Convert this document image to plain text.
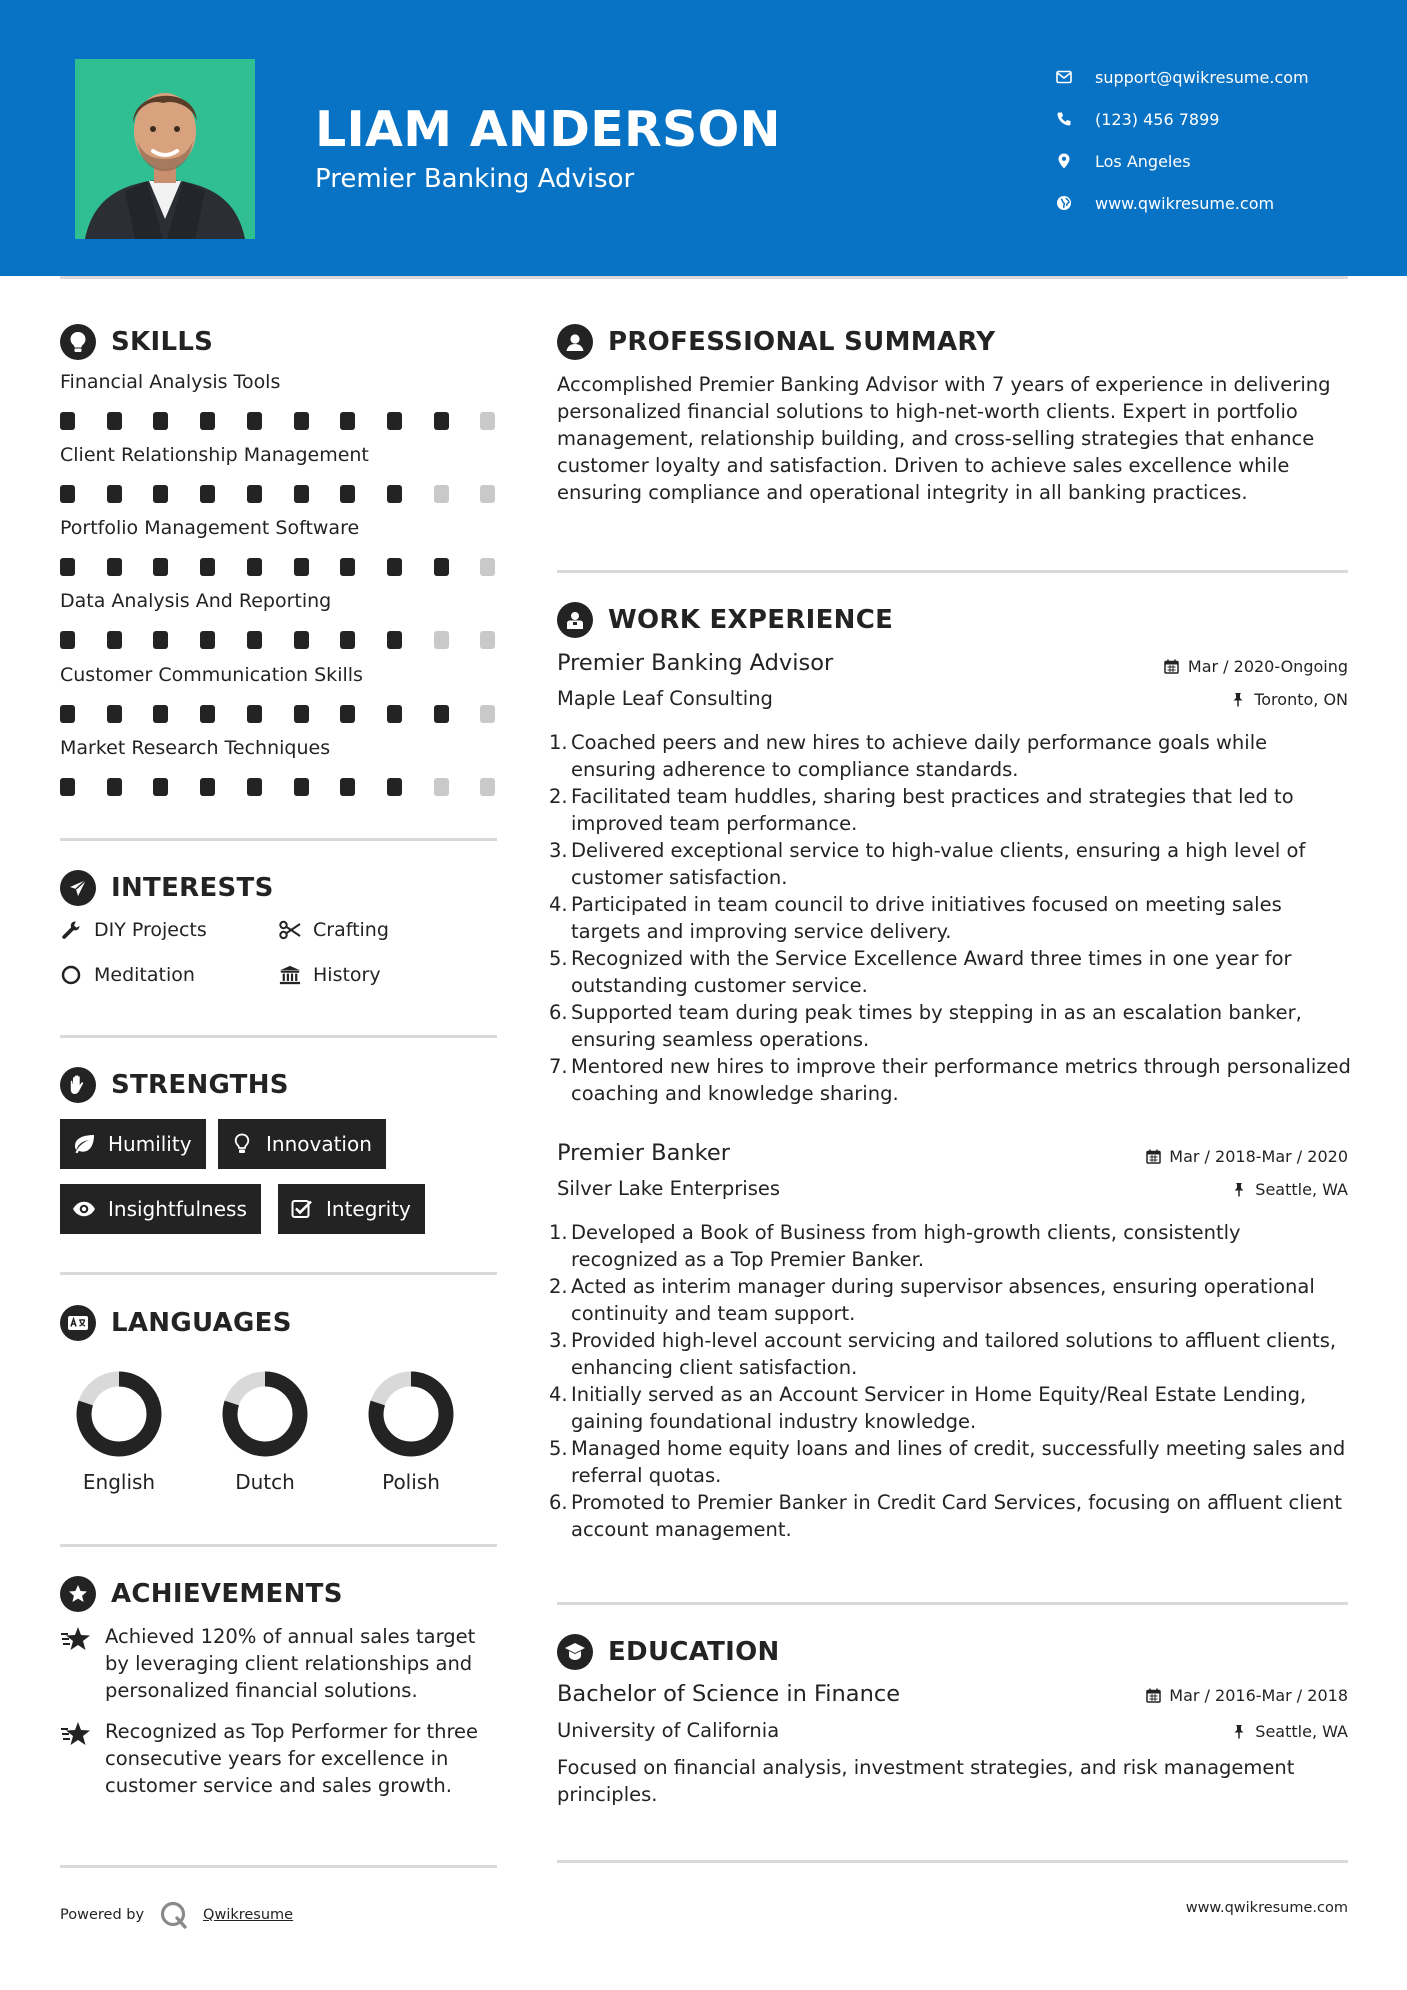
LIAM ANDERSON
Premier Banking Advisor
support@qwikresume.com
(123) 456 7899
Los Angeles
www.qwikresume.com
SKILLS
Financial Analysis Tools
Client Relationship Management
Portfolio Management Software
Data Analysis And Reporting
Customer Communication Skills
Market Research Techniques
INTERESTS
DIY Projects	Crafting
Meditation	History
STRENGTHS
Humility	Innovation
Insightfulness	Integrity
LANGUAGES
English	Dutch	Polish
ACHIEVEMENTS
Achieved 120% of annual sales target by leveraging client relationships and personalized financial solutions.
Recognized as Top Performer for three consecutive years for excellence in customer service and sales growth.
PROFESSIONAL SUMMARY
Accomplished Premier Banking Advisor with 7 years of experience in delivering personalized financial solutions to high-net-worth clients. Expert in portfolio management, relationship building, and cross-selling strategies that enhance customer loyalty and satisfaction. Driven to achieve sales excellence while ensuring compliance and operational integrity in all banking practices.
WORK EXPERIENCE
Premier Banking Advisor	Mar / 2020-Ongoing
Maple Leaf Consulting	Toronto, ON
1. Coached peers and new hires to achieve daily performance goals while ensuring adherence to compliance standards.
2. Facilitated team huddles, sharing best practices and strategies that led to improved team performance.
3. Delivered exceptional service to high-value clients, ensuring a high level of customer satisfaction.
4. Participated in team council to drive initiatives focused on meeting sales targets and improving service delivery.
5. Recognized with the Service Excellence Award three times in one year for outstanding customer service.
6. Supported team during peak times by stepping in as an escalation banker, ensuring seamless operations.
7. Mentored new hires to improve their performance metrics through personalized coaching and knowledge sharing.
Premier Banker	Mar / 2018-Mar / 2020
Silver Lake Enterprises	Seattle, WA
1. Developed a Book of Business from high-growth clients, consistently recognized as a Top Premier Banker.
2. Acted as interim manager during supervisor absences, ensuring operational continuity and team support.
3. Provided high-level account servicing and tailored solutions to affluent clients, enhancing client satisfaction.
4. Initially served as an Account Servicer in Home Equity/Real Estate Lending, gaining foundational industry knowledge.
5. Managed home equity loans and lines of credit, successfully meeting sales and referral quotas.
6. Promoted to Premier Banker in Credit Card Services, focusing on affluent client account management.
EDUCATION
Bachelor of Science in Finance	Mar / 2016-Mar / 2018
University of California	Seattle, WA
Focused on financial analysis, investment strategies, and risk management principles.
Powered by	Qwikresume	www.qwikresume.com
